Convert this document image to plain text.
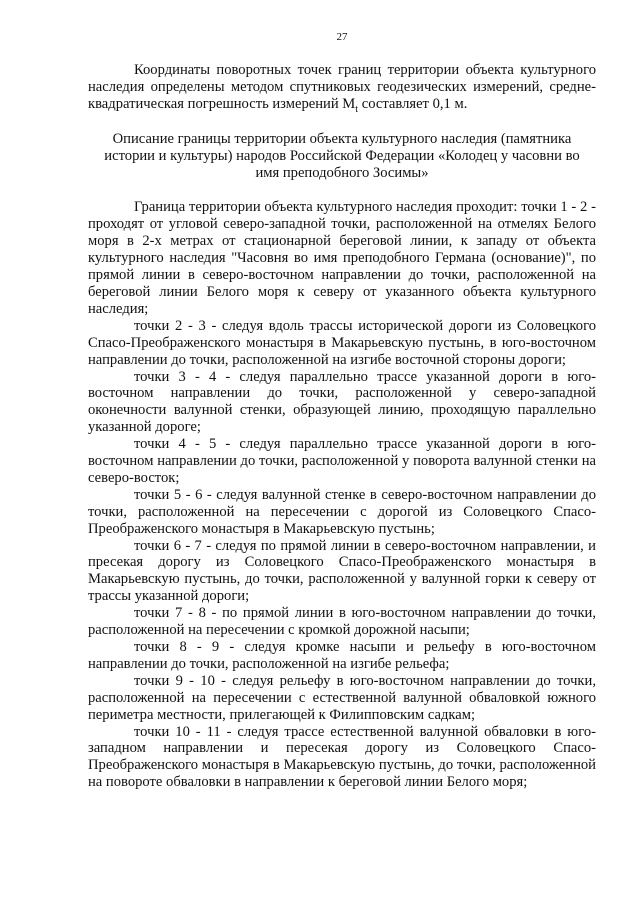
27

Координаты поворотных точек границ территории объекта культурного наследия определены методом спутниковых геодезических измерений, среднеквадратическая погрешность измерений $M_t$ составляет 0,1 м.

Описание границы территории объекта культурного наследия (памятника истории и культуры) народов Российской Федерации «Колодец у часовни во имя преподобного Зосимы»

Граница территории объекта культурного наследия проходит: точки 1 - 2 - проходят от угловой северо-западной точки, расположенной на отмелях Белого моря в 2-х метрах от стационарной береговой линии, к западу от объекта культурного наследия "Часовня во имя преподобного Германа (основание)", по прямой линии в северо-восточном направлении до точки, расположенной на береговой линии Белого моря к северу от указанного объекта культурного наследия;

точки 2 - 3 - следуя вдоль трассы исторической дороги из Соловецкого Спасо-Преображенского монастыря в Макарьевскую пустынь, в юго-восточном направлении до точки, расположенной на изгибе восточной стороны дороги;

точки 3 - 4 - следуя параллельно трассе указанной дороги в юго-восточном направлении до точки, расположенной у северо-западной оконечности валунной стенки, образующей линию, проходящую параллельно указанной дороге;

точки 4 - 5 - следуя параллельно трассе указанной дороги в юго-восточном направлении до точки, расположенной у поворота валунной стенки на северо-восток;

точки 5 - 6 - следуя валунной стенке в северо-восточном направлении до точки, расположенной на пересечении с дорогой из Соловецкого Спасо-Преображенского монастыря в Макарьевскую пустынь;

точки 6 - 7 - следуя по прямой линии в северо-восточном направлении, и пресекая дорогу из Соловецкого Спасо-Преображенского монастыря в Макарьевскую пустынь, до точки, расположенной у валунной горки к северу от трассы указанной дороги;

точки 7 - 8 - по прямой линии в юго-восточном направлении до точки, расположенной на пересечении с кромкой дорожной насыпи;

точки 8 - 9 - следуя кромке насыпи и рельефу в юго-восточном направлении до точки, расположенной на изгибе рельефа;

точки 9 - 10 - следуя рельефу в юго-восточном направлении до точки, расположенной на пересечении с естественной валунной обваловкой южного периметра местности, прилегающей к Филипповским садкам;

точки 10 - 11 - следуя трассе естественной валунной обваловки в юго-западном направлении и пересекая дорогу из Соловецкого Спасо-Преображенского монастыря в Макарьевскую пустынь, до точки, расположенной на повороте обваловки в направлении к береговой линии Белого моря;
